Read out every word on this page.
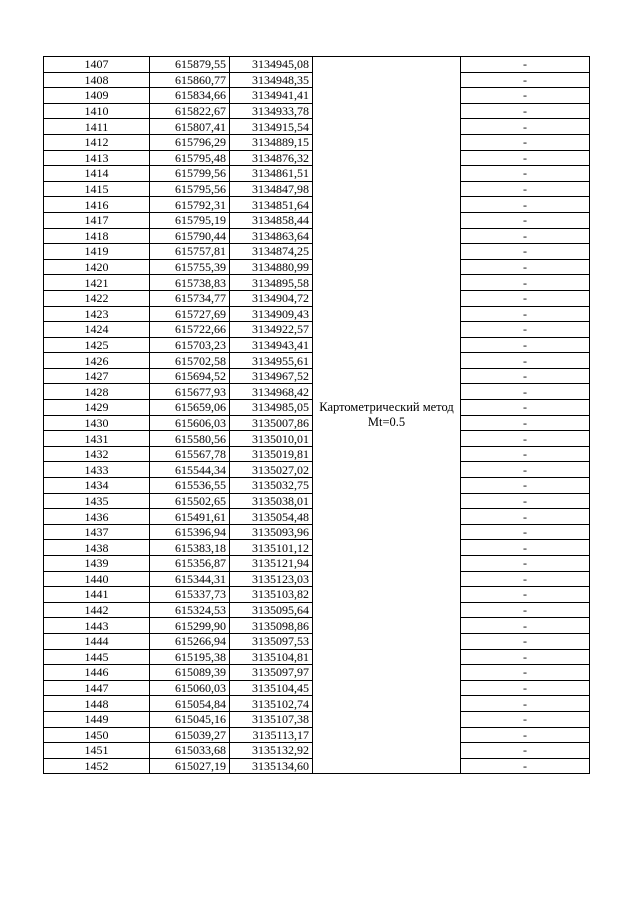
1407	615879,55	3134945,08	Картометрический метод Mt=0.5	-
1408	615860,77	3134948,35		-
1409	615834,66	3134941,41		-
1410	615822,67	3134933,78		-
1411	615807,41	3134915,54		-
1412	615796,29	3134889,15		-
1413	615795,48	3134876,32		-
1414	615799,56	3134861,51		-
1415	615795,56	3134847,98		-
1416	615792,31	3134851,64		-
1417	615795,19	3134858,44		-
1418	615790,44	3134863,64		-
1419	615757,81	3134874,25		-
1420	615755,39	3134880,99		-
1421	615738,83	3134895,58		-
1422	615734,77	3134904,72		-
1423	615727,69	3134909,43		-
1424	615722,66	3134922,57		-
1425	615703,23	3134943,41		-
1426	615702,58	3134955,61		-
1427	615694,52	3134967,52		-
1428	615677,93	3134968,42		-
1429	615659,06	3134985,05		-
1430	615606,03	3135007,86		-
1431	615580,56	3135010,01		-
1432	615567,78	3135019,81		-
1433	615544,34	3135027,02		-
1434	615536,55	3135032,75		-
1435	615502,65	3135038,01		-
1436	615491,61	3135054,48		-
1437	615396,94	3135093,96		-
1438	615383,18	3135101,12		-
1439	615356,87	3135121,94		-
1440	615344,31	3135123,03		-
1441	615337,73	3135103,82		-
1442	615324,53	3135095,64		-
1443	615299,90	3135098,86		-
1444	615266,94	3135097,53		-
1445	615195,38	3135104,81		-
1446	615089,39	3135097,97		-
1447	615060,03	3135104,45		-
1448	615054,84	3135102,74		-
1449	615045,16	3135107,38		-
1450	615039,27	3135113,17		-
1451	615033,68	3135132,92		-
1452	615027,19	3135134,60		-
